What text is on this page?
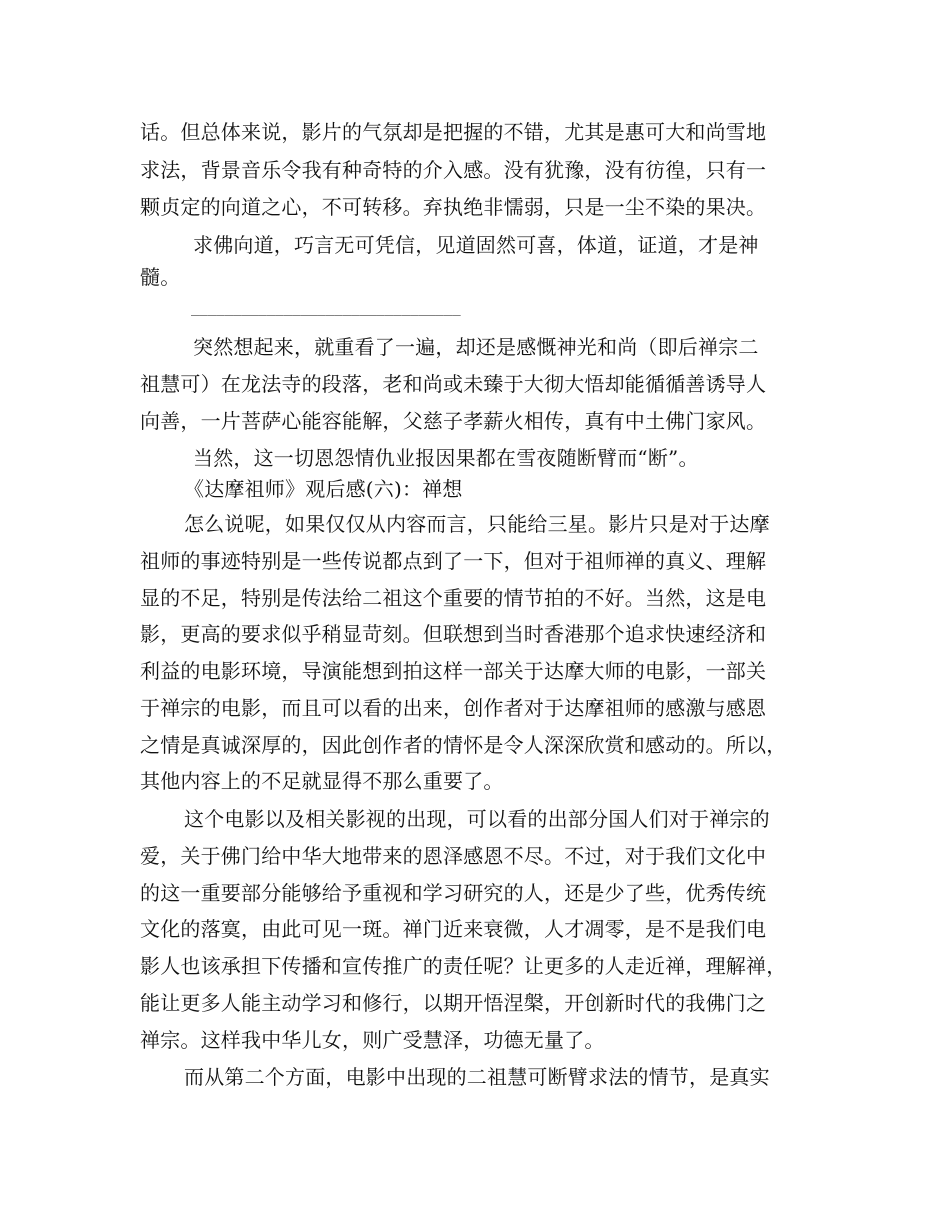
话。但总体来说，影片的气氛却是把握的不错，尤其是惠可大和尚雪地
求法，背景音乐令我有种奇特的介入感。没有犹豫，没有彷徨，只有一
颗贞定的向道之心，不可转移。弃执绝非懦弱，只是一尘不染的果决。
求佛向道，巧言无可凭信，见道固然可喜，体道，证道，才是神
髓。
________________________________
突然想起来，就重看了一遍，却还是感慨神光和尚（即后禅宗二
祖慧可）在龙法寺的段落，老和尚或未臻于大彻大悟却能循循善诱导人
向善，一片菩萨心能容能解，父慈子孝薪火相传，真有中土佛门家风。
当然，这一切恩怨情仇业报因果都在雪夜随断臂而“断”。
《达摩祖师》观后感(六)：禅想
怎么说呢，如果仅仅从内容而言，只能给三星。影片只是对于达摩
祖师的事迹特别是一些传说都点到了一下，但对于祖师禅的真义、理解
显的不足，特别是传法给二祖这个重要的情节拍的不好。当然，这是电
影，更高的要求似乎稍显苛刻。但联想到当时香港那个追求快速经济和
利益的电影环境，导演能想到拍这样一部关于达摩大师的电影，一部关
于禅宗的电影，而且可以看的出来，创作者对于达摩祖师的感激与感恩
之情是真诚深厚的，因此创作者的情怀是令人深深欣赏和感动的。所以，
其他内容上的不足就显得不那么重要了。
这个电影以及相关影视的出现，可以看的出部分国人们对于禅宗的
爱，关于佛门给中华大地带来的恩泽感恩不尽。不过，对于我们文化中
的这一重要部分能够给予重视和学习研究的人，还是少了些，优秀传统
文化的落寞，由此可见一斑。禅门近来衰微，人才凋零，是不是我们电
影人也该承担下传播和宣传推广的责任呢？让更多的人走近禅，理解禅，
能让更多人能主动学习和修行，以期开悟涅槃，开创新时代的我佛门之
禅宗。这样我中华儿女，则广受慧泽，功德无量了。
而从第二个方面，电影中出现的二祖慧可断臂求法的情节，是真实
